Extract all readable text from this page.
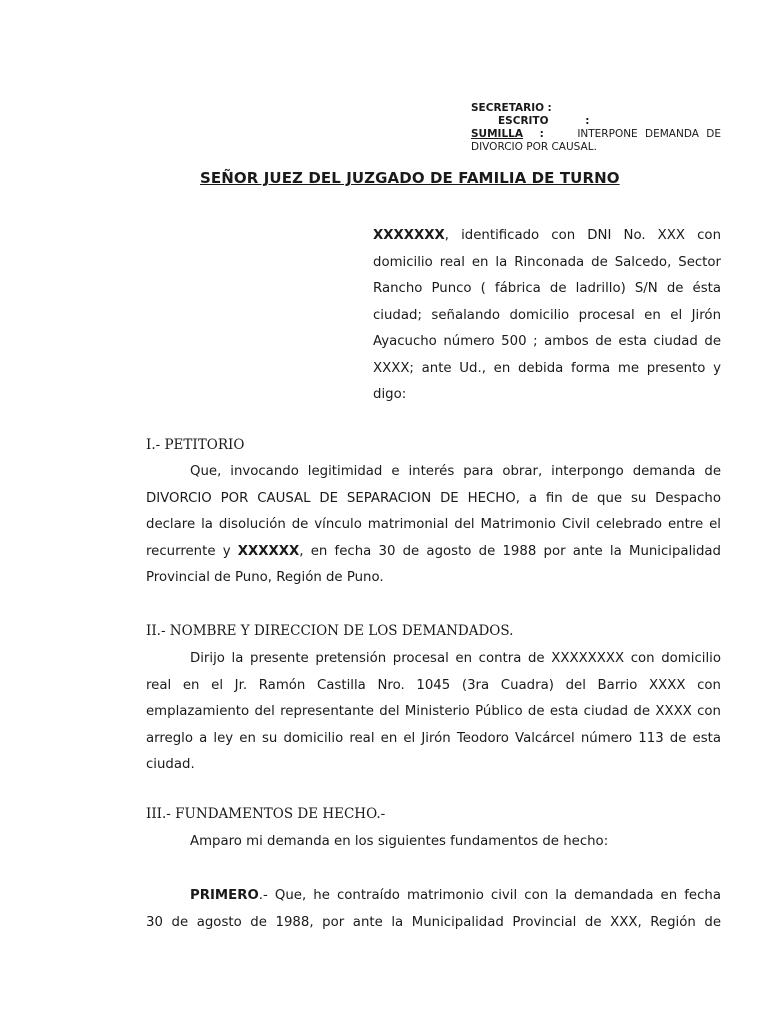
SECRETARIO :
ESCRITO	:
SUMILLA :	INTERPONE DEMANDA DE
DIVORCIO POR CAUSAL.
SEÑOR JUEZ DEL JUZGADO DE FAMILIA DE TURNO
XXXXXXX, identificado con DNI No. XXX con
domicilio real en la Rinconada de Salcedo, Sector
Rancho Punco ( fábrica de ladrillo) S/N de ésta
ciudad; señalando domicilio procesal en el Jirón
Ayacucho número 500 ; ambos de esta ciudad de
XXXX; ante Ud., en debida forma me presento y
digo:
I.- PETITORIO
Que, invocando legitimidad e interés para obrar, interpongo demanda de
DIVORCIO POR CAUSAL DE SEPARACION DE HECHO, a fin de que su Despacho
declare la disolución de vínculo matrimonial del Matrimonio Civil celebrado entre el
recurrente y XXXXXX, en fecha 30 de agosto de 1988 por ante la Municipalidad
Provincial de Puno, Región de Puno.
II.- NOMBRE Y DIRECCION DE LOS DEMANDADOS.
Dirijo la presente pretensión procesal en contra de XXXXXXXX con domicilio
real en el Jr. Ramón Castilla Nro. 1045 (3ra Cuadra) del Barrio XXXX con
emplazamiento del representante del Ministerio Público de esta ciudad de XXXX con
arreglo a ley en su domicilio real en el Jirón Teodoro Valcárcel número 113 de esta
ciudad.
III.- FUNDAMENTOS DE HECHO.-
Amparo mi demanda en los siguientes fundamentos de hecho:
PRIMERO.- Que, he contraído matrimonio civil con la demandada en fecha
30 de agosto de 1988, por ante la Municipalidad Provincial de XXX, Región de
